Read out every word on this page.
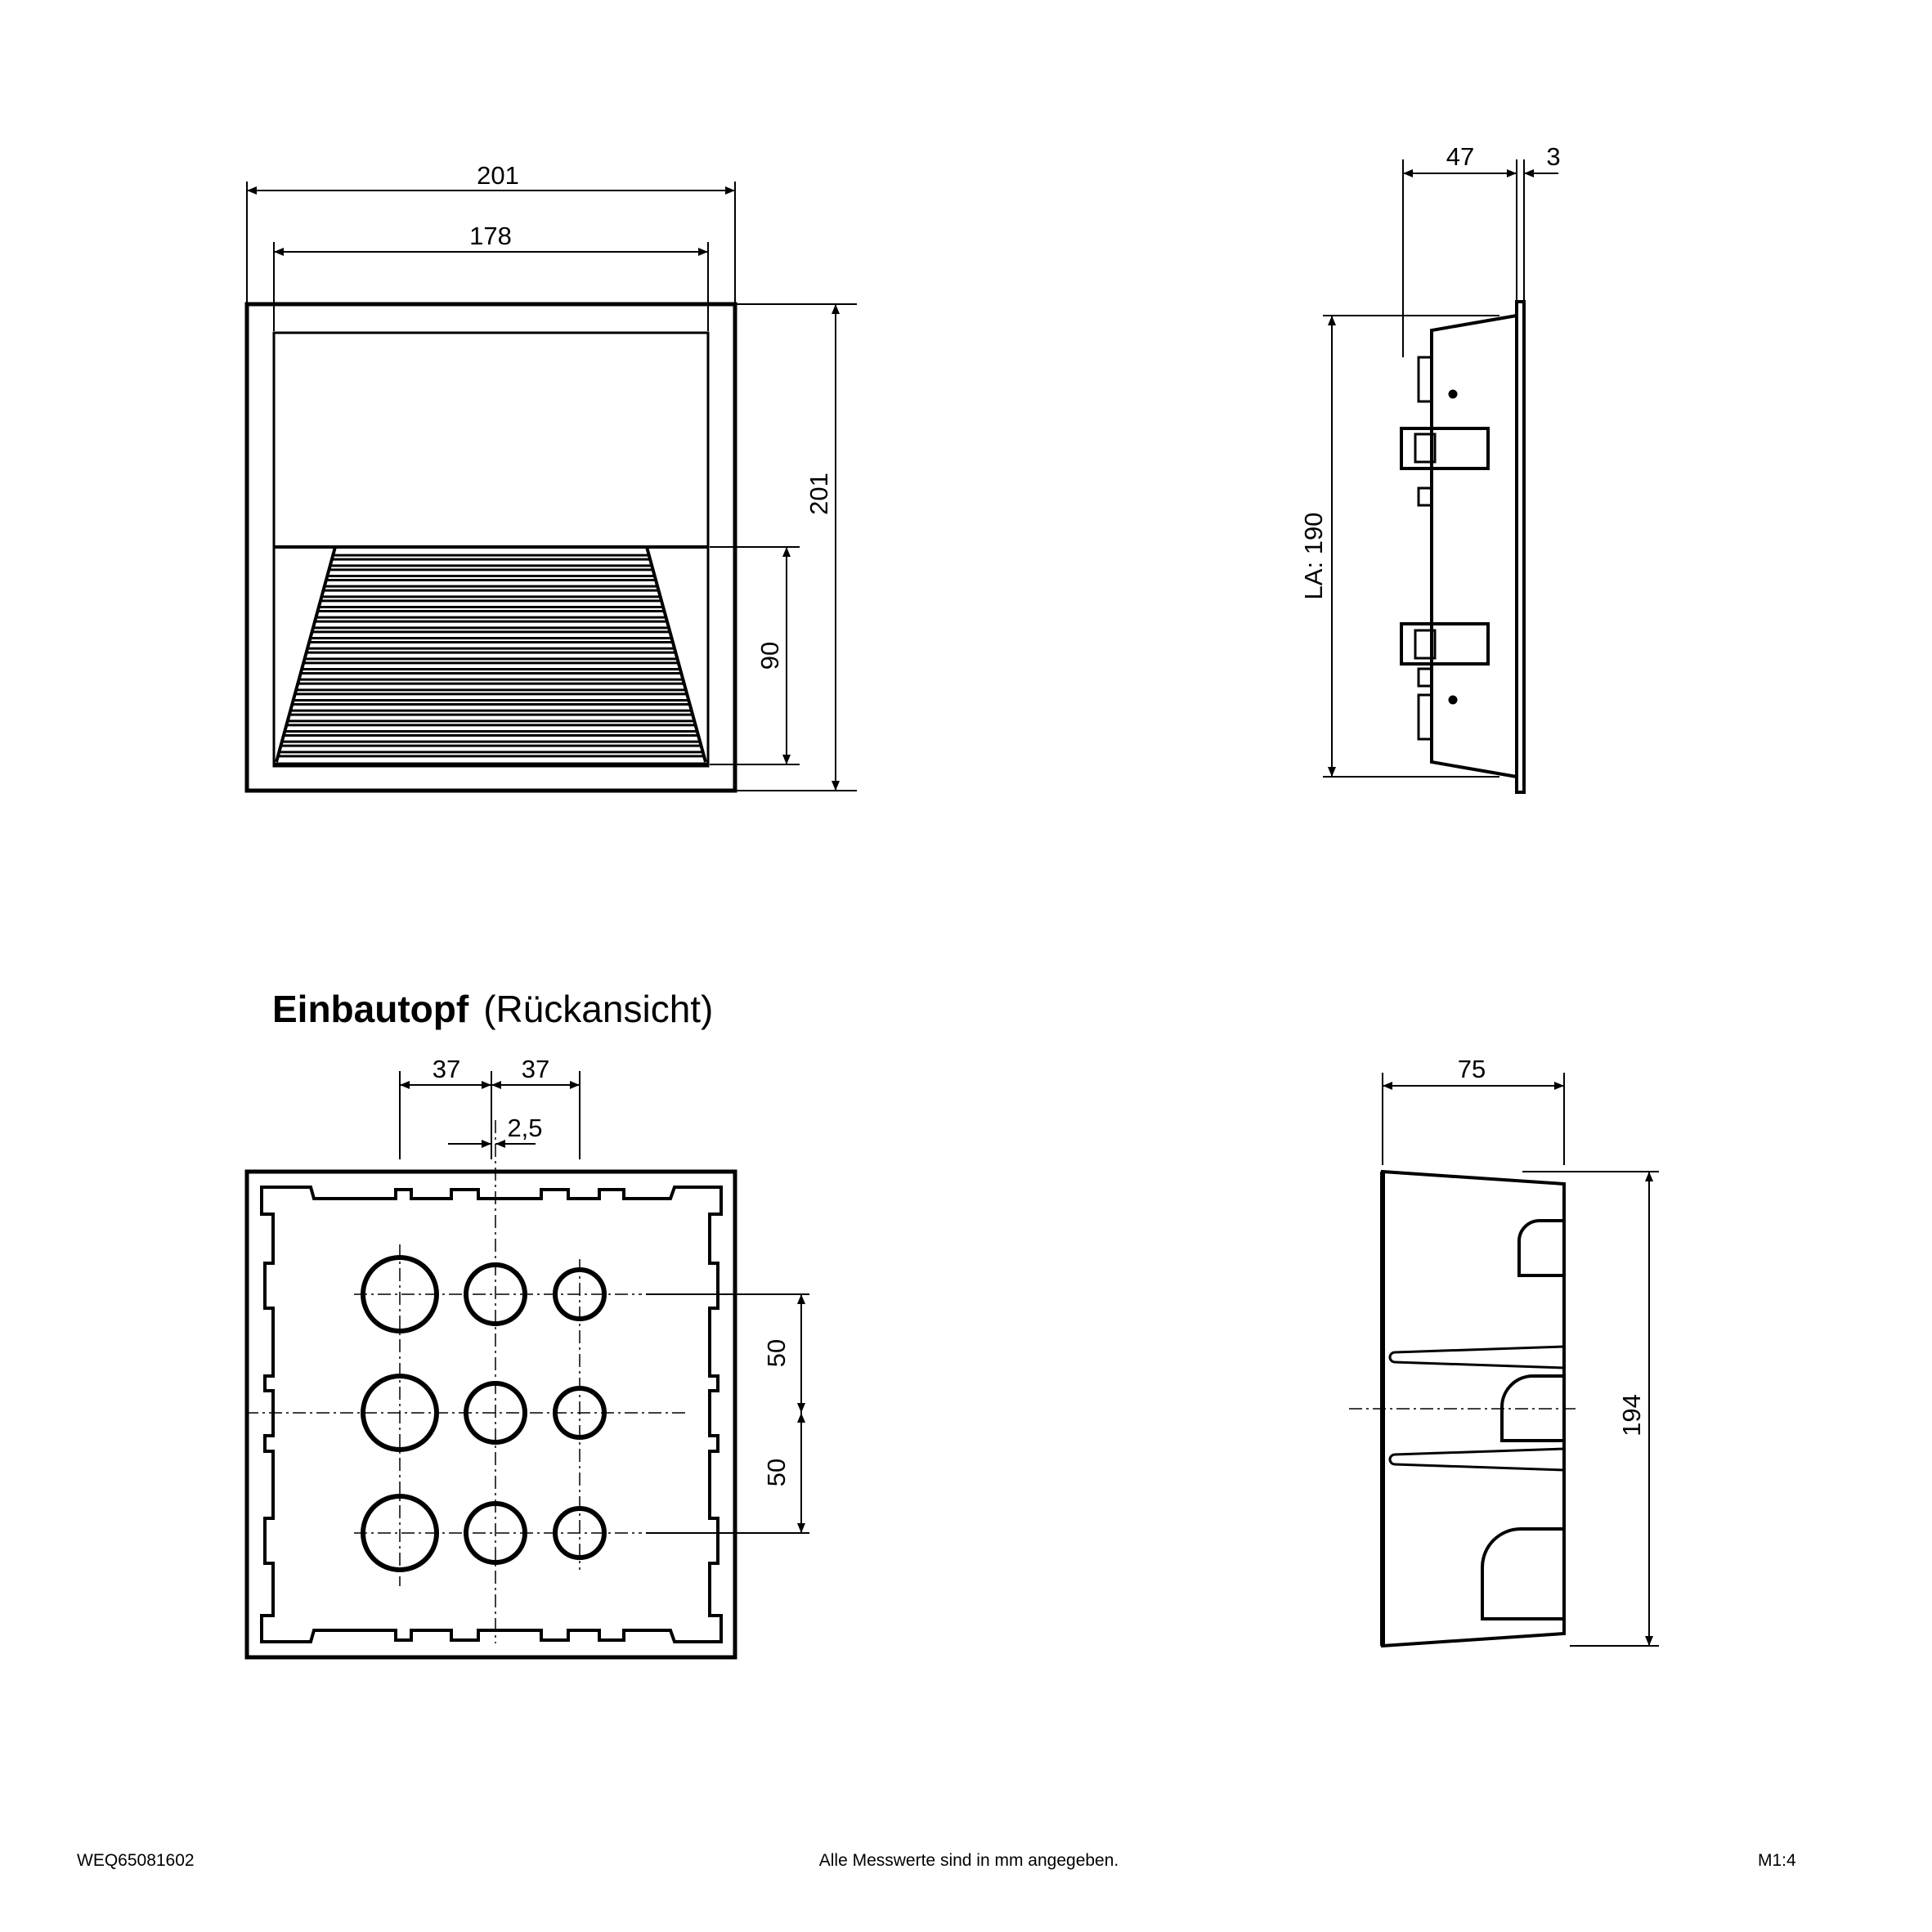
201
178
201
90
47	3
LA: 190
Einbautopf (Rückansicht)
37 37
2,5
50
50
75
194
WEQ65081602	Alle Messwerte sind in mm angegeben.	M1:4
